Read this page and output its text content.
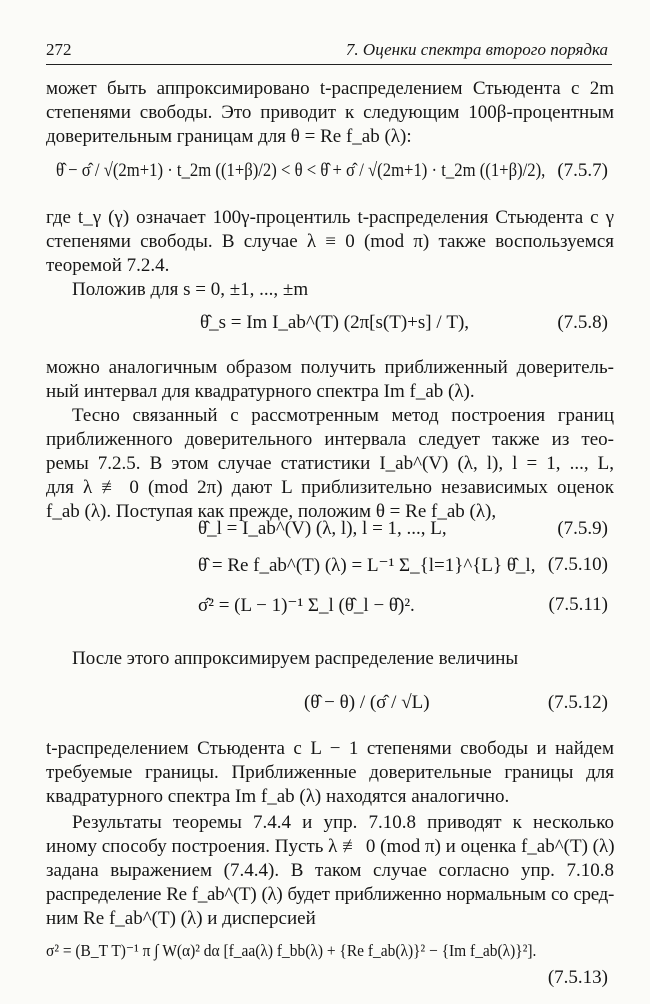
272	7. Оценки спектра второго порядка
может быть аппроксимировано t-распределением Стьюдента с 2m
степенями свободы. Это приводит к следующим 100β-процентным
доверительным границам для θ = Re f_ab (λ):
θ̂ − σ̂ / √(2m+1) · t_2m ((1+β)/2) < θ < θ̂ + σ̂ / √(2m+1) · t_2m ((1+β)/2), (7.5.7)
где t_γ (γ) означает 100γ-процентиль t-распределения Стьюдента с γ
степенями свободы. В случае λ ≡ 0 (mod π) также воспользуемся
теоремой 7.2.4.
Положив для s = 0, ±1, ..., ±m
θ̂_s = Im I_ab^(T) (2π[s(T)+s] / T),	(7.5.8)
можно аналогичным образом получить приближенный доверитель-
ный интервал для квадратурного спектра Im f_ab (λ).
Тесно связанный с рассмотренным метод построения границ
приближенного доверительного интервала следует также из тео-
ремы 7.2.5. В этом случае статистики I_ab^(V) (λ, l), l = 1, ..., L,
для λ ≢ 0 (mod 2π) дают L приблизительно независимых оценок
f_ab (λ). Поступая как прежде, положим θ = Re f_ab (λ),
θ̂_l = I_ab^(V) (λ, l), l = 1, ..., L,	(7.5.9)
θ̂ = Re f_ab^(T) (λ) = L⁻¹ Σ_{l=1}^{L} θ̂_l, (7.5.10)
σ̂² = (L − 1)⁻¹ Σ_l (θ̂_l − θ̂)².	(7.5.11)
После этого аппроксимируем распределение величины
(θ̂ − θ) / (σ̂ / √L)	(7.5.12)
t-распределением Стьюдента с L − 1 степенями свободы и найдем
требуемые границы. Приближенные доверительные границы для
квадратурного спектра Im f_ab (λ) находятся аналогично.
Результаты теоремы 7.4.4 и упр. 7.10.8 приводят к несколько
иному способу построения. Пусть λ ≢ 0 (mod π) и оценка f_ab^(T) (λ)
задана выражением (7.4.4). В таком случае согласно упр. 7.10.8
распределение Re f_ab^(T) (λ) будет приближенно нормальным со сред-
ним Re f_ab^(T) (λ) и дисперсией
σ² = (B_T T)⁻¹ π ∫ W(α)² dα [f_aa(λ) f_bb(λ) + {Re f_ab(λ)}² − {Im f_ab(λ)}²].
(7.5.13)
